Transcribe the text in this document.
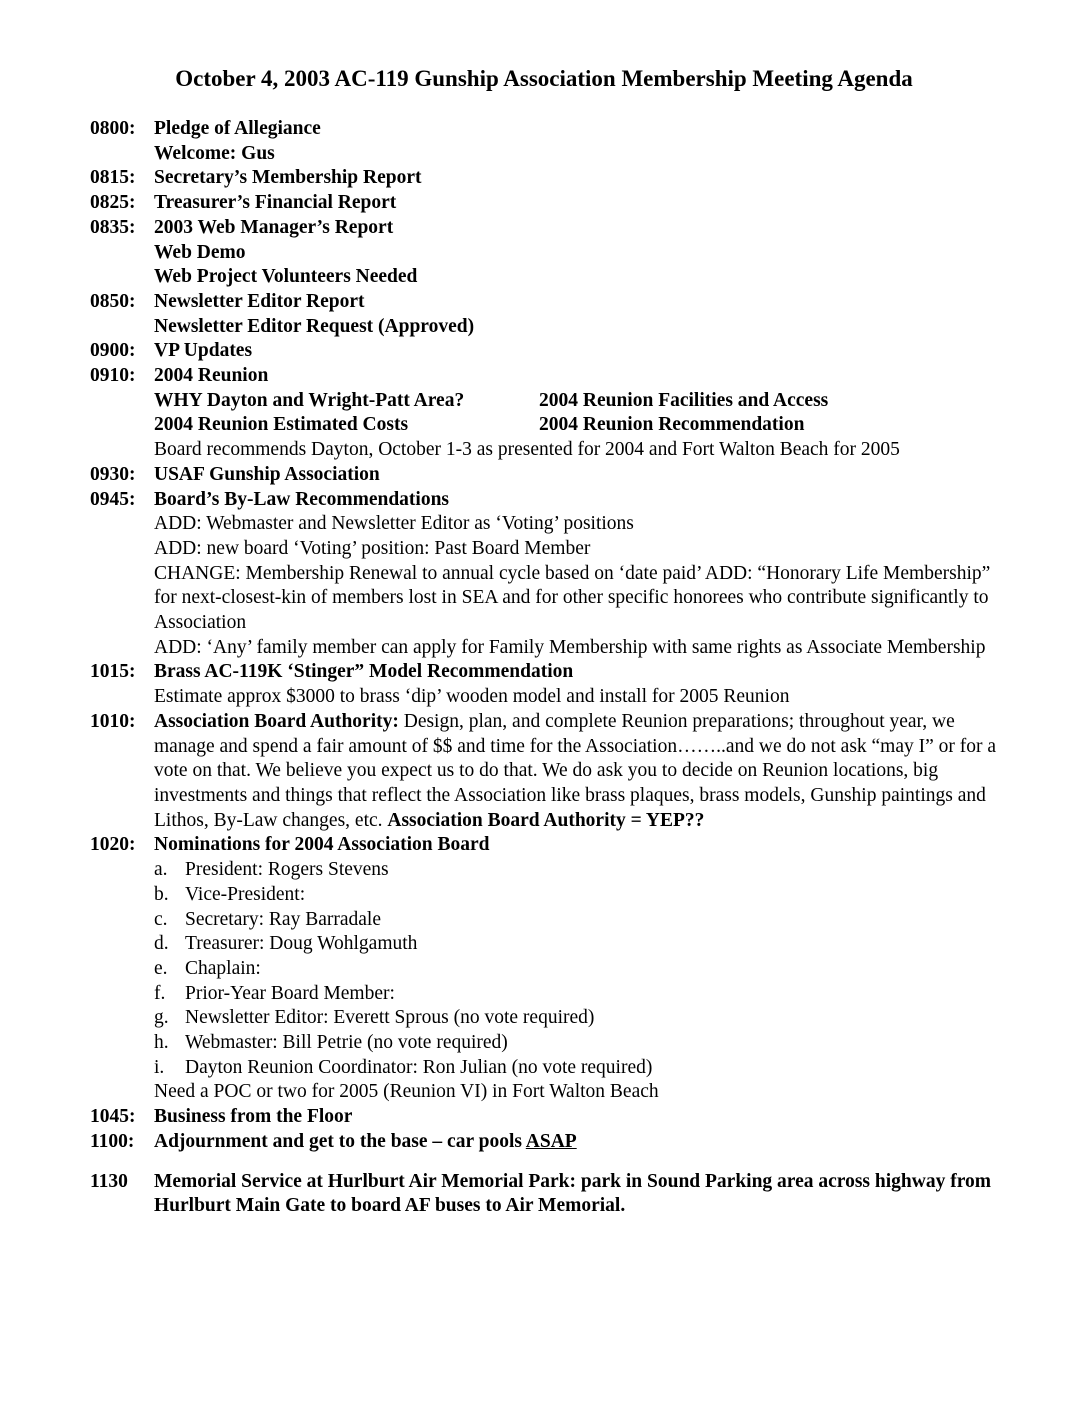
October 4, 2003 AC-119 Gunship Association Membership Meeting Agenda
0800: Pledge of Allegiance
Welcome: Gus
0815: Secretary’s Membership Report
0825: Treasurer’s Financial Report
0835: 2003 Web Manager’s Report
Web Demo
Web Project Volunteers Needed
0850: Newsletter Editor Report
Newsletter Editor Request (Approved)
0900: VP Updates
0910: 2004 Reunion
WHY Dayton and Wright-Patt Area?	2004 Reunion Facilities and Access
2004 Reunion Estimated Costs	2004 Reunion Recommendation
Board recommends Dayton, October 1-3 as presented for 2004 and Fort Walton Beach for 2005
0930: USAF Gunship Association
0945: Board’s By-Law Recommendations
ADD: Webmaster and Newsletter Editor as ‘Voting’ positions
ADD: new board ‘Voting’ position: Past Board Member
CHANGE: Membership Renewal to annual cycle based on ‘date paid’ ADD: “Honorary Life Membership” for next-closest-kin of members lost in SEA and for other specific honorees who contribute significantly to Association
ADD: ‘Any’ family member can apply for Family Membership with same rights as Associate Membership
1015: Brass AC-119K ‘Stinger” Model Recommendation
Estimate approx $3000 to brass ‘dip’ wooden model and install for 2005 Reunion
1010: Association Board Authority: Design, plan, and complete Reunion preparations; throughout year, we manage and spend a fair amount of $$ and time for the Association……..and we do not ask “may I” or for a vote on that. We believe you expect us to do that. We do ask you to decide on Reunion locations, big investments and things that reflect the Association like brass plaques, brass models, Gunship paintings and Lithos, By-Law changes, etc. Association Board Authority = YEP??
1020: Nominations for 2004 Association Board
a. President: Rogers Stevens
b. Vice-President:
c. Secretary: Ray Barradale
d. Treasurer: Doug Wohlgamuth
e. Chaplain:
f. Prior-Year Board Member:
g. Newsletter Editor: Everett Sprous (no vote required)
h. Webmaster: Bill Petrie (no vote required)
i. Dayton Reunion Coordinator: Ron Julian (no vote required)
Need a POC or two for 2005 (Reunion VI) in Fort Walton Beach
1045: Business from the Floor
1100: Adjournment and get to the base – car pools ASAP
1130 Memorial Service at Hurlburt Air Memorial Park: park in Sound Parking area across highway from Hurlburt Main Gate to board AF buses to Air Memorial.
